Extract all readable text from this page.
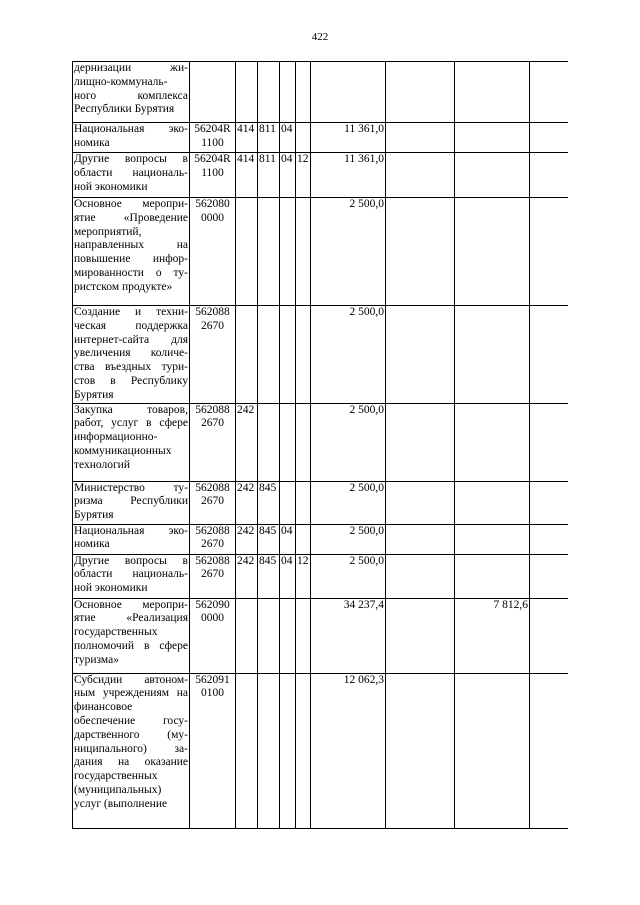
422
дернизации жи-лищно-коммуналь-ного комплекса Республики Бурятия									
Национальная эко-номика	56204R 1100	414	811	04		11 361,0			
Другие вопросы в области националь-ной экономики	56204R 1100	414	811	04	12	11 361,0			
Основное меропри-ятие «Проведение мероприятий, направленных на повышение инфор-мированности о ту-ристском продукте»	562080 0000					2 500,0			
Создание и техни-ческая поддержка интернет-сайта для увеличения количе-ства въездных тури-стов в Республику Бурятия	562088 2670					2 500,0			
Закупка товаров, работ, услуг в сфере информационно-коммуникационных технологий	562088 2670	242				2 500,0			
Министерство ту-ризма Республики Бурятия	562088 2670	242	845			2 500,0			
Национальная эко-номика	562088 2670	242	845	04		2 500,0			
Другие вопросы в области националь-ной экономики	562088 2670	242	845	04	12	2 500,0			
Основное меропри-ятие «Реализация государственных полномочий в сфере туризма»	562090 0000					34 237,4		7 812,6	
Субсидии автоном-ным учреждениям на финансовое обеспечение госу-дарственного (му-ниципального) за-дания на оказание государственных (муниципальных) услуг (выполнение	562091 0100					12 062,3			
